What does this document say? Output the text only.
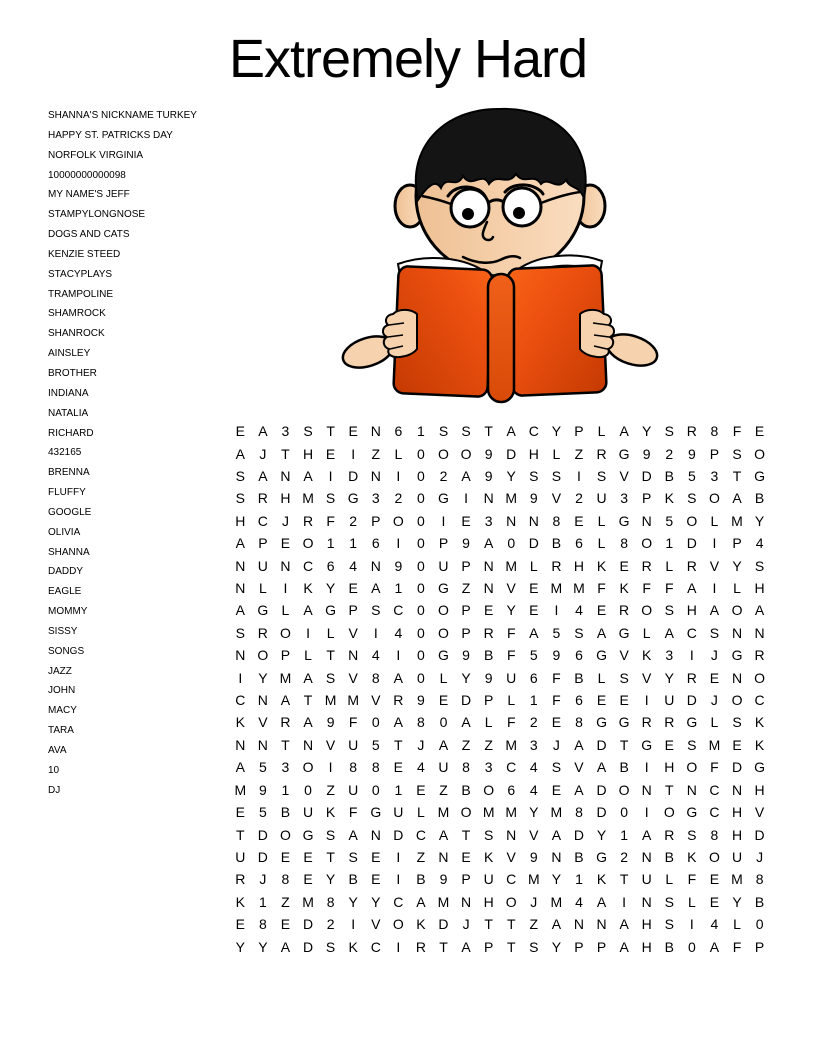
Extremely Hard
SHANNA'S NICKNAME TURKEY
HAPPY ST. PATRICKS DAY
NORFOLK VIRGINIA
10000000000098
MY NAME'S JEFF
STAMPYLONGNOSE
DOGS AND CATS
KENZIE STEED
STACYPLAYS
TRAMPOLINE
SHAMROCK
SHANROCK
AINSLEY
BROTHER
INDIANA
NATALIA
RICHARD
432165
BRENNA
FLUFFY
GOOGLE
OLIVIA
SHANNA
DADDY
EAGLE
MOMMY
SISSY
SONGS
JAZZ
JOHN
MACY
TARA
AVA
10
DJ
E A	3	S T E N 6	1	S S T A C Y P	L	A Y S R 8	F E
A	J	T H E	I	Z	L	0 O O 9 D H L	Z R G 9	2	9	P S O
S A N A	I	D N	I	0	2	A	9	Y S S	I	S V D B	5	3	T G
S R H M S G 3	2	0 G	I	N M 9	V	2 U 3	P K S O A B
H C	J	R F	2	P O 0	I	E	3 N N 8	E	L G N 5 O L M Y
A P E O 1	1	6	I	0	P	9	A	0 D B	6	L	8 O 1 D	I	P	4
N U N C 6	4 N 9	0 U P N M L R H K E R L R V Y S
N L	I	K Y E A	1	0 G Z N V E M M F K F	F A	I	L H
A G L	A G P S C 0 O P E Y E	I	4	E R O S H A O A
S R O	I	L	V	I	4	0 O P R F A	5	S A G L	A C S N N
N O P	L	T N 4	I	0 G 9	B F	5	9	6 G V K	3	I	J G R
I	Y M A S V	8	A	0	L	Y	9 U 6	F B	L	S V Y R E N O
C N A T M M V R 9	E D P	L	1	F	6	E E	I	U D	J O C
K V R A	9	F	0	A	8	0	A	L	F	2	E	8 G G R R G L	S K
N N T N V U 5	T	J	A Z	Z M 3	J	A D T G E S M E K
A	5	3 O	I	8	8	E	4 U 8	3 C 4	S V A B	I	H O F D G
M 9	1	0	Z U 0	1	E Z B O 6	4	E A D O N T N C N H
E	5	B U K F G U L M O M M Y M 8 D 0	I	O G C H V
T D O G S A N D C A T S N V A D Y	1	A R S	8 H D
U D E E T S E	I	Z N E K V	9 N B G 2 N B K O U	J
R	J	8	E Y B E	I	B	9	P U C M Y	1	K T U L	F E M 8
K	1	Z M 8	Y Y C A M N H O J M 4	A	I	N S	L	E Y B
E	8	E D 2	I	V O K D	J	T	T	Z A N N A H S	I	4	L	0
Y Y A D S K C	I	R T A P T S Y P P A H B	0	A F P
